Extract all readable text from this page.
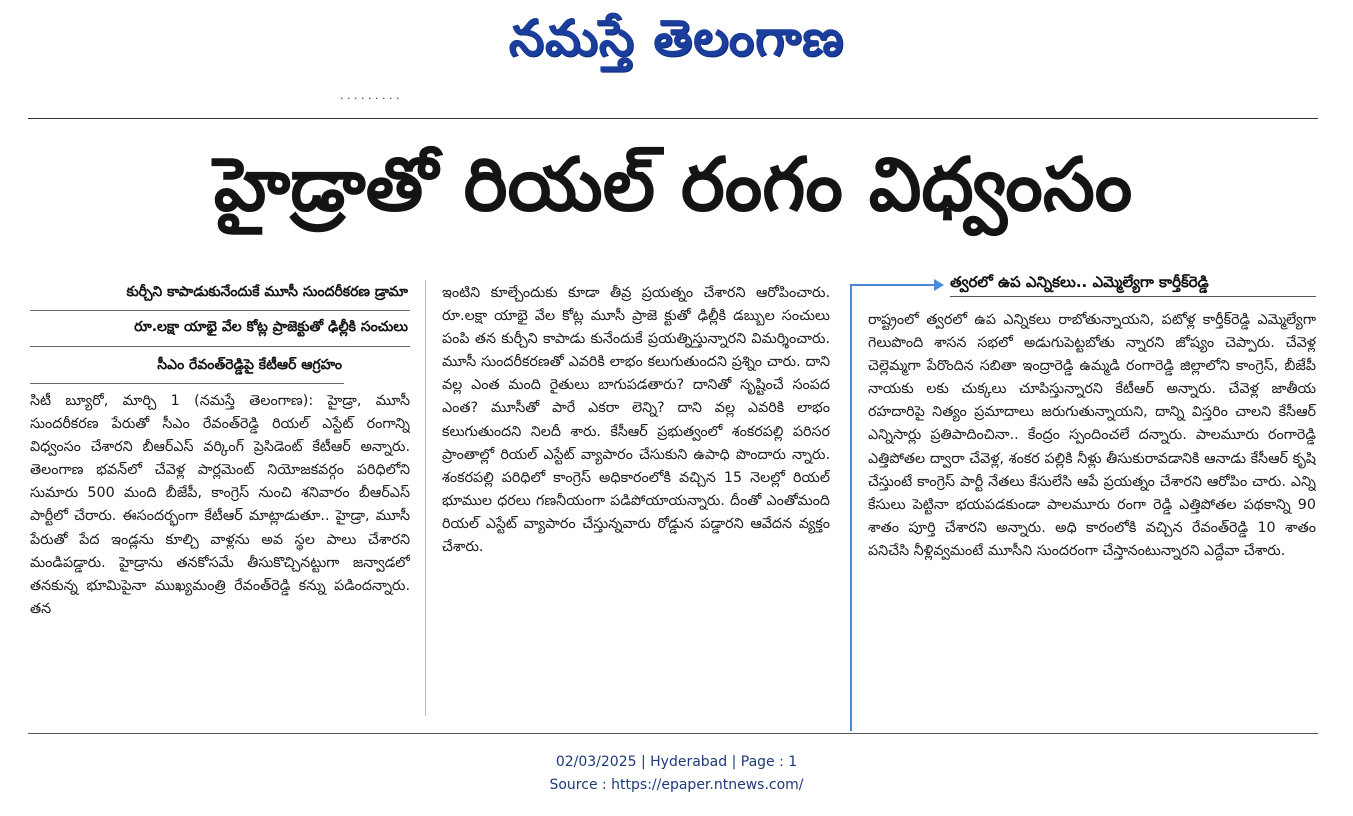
నమస్తే తెలంగాణ
· · · · · · · · ·
హైడ్రాతో రియల్ రంగం విధ్వంసం
కుర్చీని కాపాడుకునేందుకే మూసీ సుందరీకరణ డ్రామా
రూ.లక్షా యాభై వేల కోట్ల ప్రాజెక్టుతో ఢిల్లీకి సంచులు
సీఎం రేవంత్‌రెడ్డిపై కేటీఆర్ ఆగ్రహం
సిటీ బ్యూరో, మార్చి 1 (నమస్తే తెలంగాణ): హైడ్రా, మూసీ సుందరీకరణ పేరుతో సీఎం రేవంత్‌రెడ్డి రియల్ ఎస్టేట్ రంగాన్ని విధ్వంసం చేశారని బీఆర్ఎస్ వర్కింగ్ ప్రెసిడెంట్ కేటీఆర్ అన్నారు. తెలంగాణ భవన్‌లో చేవెళ్ల పార్లమెంట్ నియోజకవర్గం పరిధిలోని సుమారు 500 మంది బీజేపీ, కాంగ్రెస్ నుంచి శనివారం బీఆర్ఎస్ పార్టీలో చేరారు. ఈసందర్భంగా కేటీఆర్ మాట్లాడుతూ.. హైడ్రా, మూసీ పేరుతో పేద ఇండ్లను కూల్చి వాళ్లను అవ స్థల పాలు చేశారని మండిపడ్డారు. హైడ్రాను తనకోసమే తీసుకొచ్చినట్టుగా జన్వాడలో తనకున్న భూమిపైనా ముఖ్యమంత్రి రేవంత్‌రెడ్డి కన్ను పడిందన్నారు. తన
ఇంటిని కూల్చేందుకు కూడా తీవ్ర ప్రయత్నం చేశారని ఆరోపించారు. రూ.లక్షా యాభై వేల కోట్ల మూసీ ప్రాజె క్టుతో ఢిల్లీకి డబ్బుల సంచులు పంపి తన కుర్చీని కాపాడు కునేందుకే ప్రయత్నిస్తున్నారని విమర్శించారు. మూసీ సుందరీకరణతో ఎవరికి లాభం కలుగుతుందని ప్రశ్నిం చారు. దాని వల్ల ఎంత మంది రైతులు బాగుపడతారు? దానితో సృష్టించే సంపద ఎంత? మూసీతో పారే ఎకరా లెన్ని? దాని వల్ల ఎవరికి లాభం కలుగుతుందని నిలదీ శారు. కేసీఆర్ ప్రభుత్వంలో శంకరపల్లి పరిసర ప్రాంతాల్లో రియల్ ఎస్టేట్ వ్యాపారం చేసుకుని ఉపాధి పొందారు న్నారు. శంకరపల్లి పరిధిలో కాంగ్రెస్ అధికారంలోకి వచ్చిన 15 నెలల్లో రియల్ భూముల ధరలు గణనీయంగా పడిపోయాయన్నారు. దీంతో ఎంతోమంది రియల్ ఎస్టేట్ వ్యాపారం చేస్తున్నవారు రోడ్డున పడ్డారని ఆవేదన వ్యక్తం చేశారు.
త్వరలో ఉప ఎన్నికలు.. ఎమ్మెల్యేగా కార్తీక్‌రెడ్డి
రాష్ట్రంలో త్వరలో ఉప ఎన్నికలు రాబోతున్నాయని, పటోళ్ల కార్తీక్‌రెడ్డి ఎమ్మెల్యేగా గెలుపొంది శాసన సభలో అడుగుపెట్టబోతు న్నారని జోష్యం చెప్పారు. చేవెళ్ల చెల్లెమ్మగా పేరొందిన సబితా ఇంద్రారెడ్డి ఉమ్మడి రంగారెడ్డి జిల్లాలోని కాంగ్రెస్, బీజేపీ నాయకు లకు చుక్కలు చూపిస్తున్నారని కేటీఆర్ అన్నారు. చేవెళ్ల జాతీయ రహదారిపై నిత్యం ప్రమాదాలు జరుగుతున్నాయని, దాన్ని విస్తరిం చాలని కేసీఆర్ ఎన్నిసార్లు ప్రతిపాదించినా.. కేంద్రం స్పందించలే దన్నారు. పాలమూరు రంగారెడ్డి ఎత్తిపోతల ద్వారా చేవెళ్ల, శంకర పల్లికి నీళ్లు తీసుకురావడానికి ఆనాడు కేసీఆర్ కృషి చేస్తుంటే కాంగ్రెస్ పార్టీ నేతలు కేసులేసి ఆపే ప్రయత్నం చేశారని ఆరోపిం చారు. ఎన్ని కేసులు పెట్టినా భయపడకుండా పాలమూరు రంగా రెడ్డి ఎత్తిపోతల పథకాన్ని 90 శాతం పూర్తి చేశారని అన్నారు. అధి కారంలోకి వచ్చిన రేవంత్‌రెడ్డి 10 శాతం పనిచేసి నీళ్లివ్వమంటే మూసీని సుందరంగా చేస్తానంటున్నారని ఎద్దేవా చేశారు.
02/03/2025 | Hyderabad | Page : 1
Source : https://epaper.ntnews.com/
